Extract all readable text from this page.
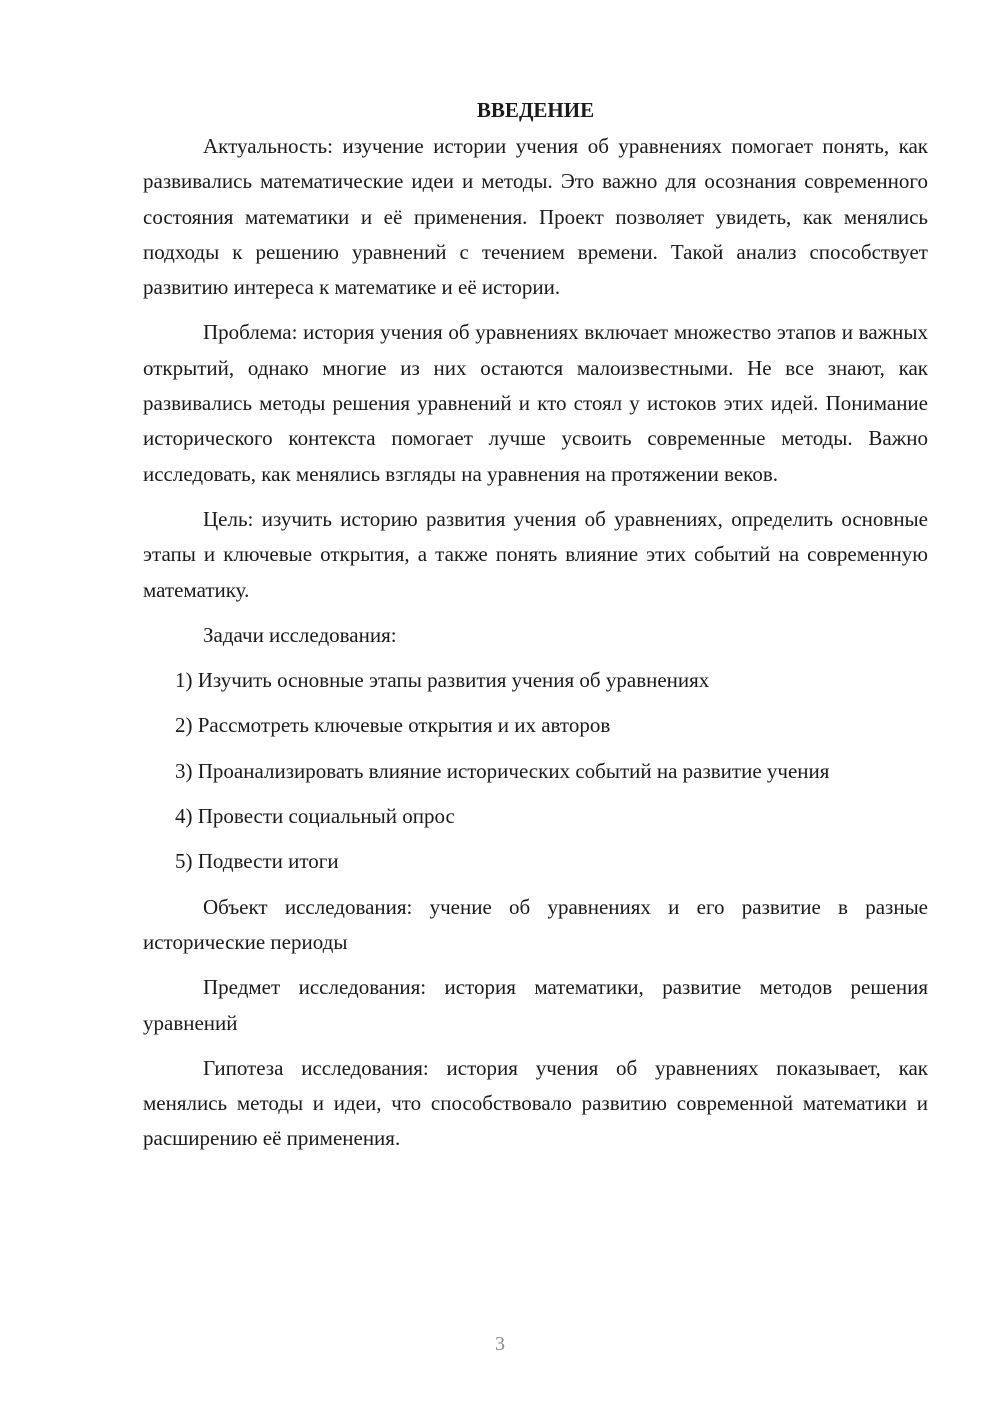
ВВЕДЕНИЕ

Актуальность: изучение истории учения об уравнениях помогает понять, как развивались математические идеи и методы. Это важно для осознания современного состояния математики и её применения. Проект позволяет увидеть, как менялись подходы к решению уравнений с течением времени. Такой анализ способствует развитию интереса к математике и её истории.

Проблема: история учения об уравнениях включает множество этапов и важных открытий, однако многие из них остаются малоизвестными. Не все знают, как развивались методы решения уравнений и кто стоял у истоков этих идей. Понимание исторического контекста помогает лучше усвоить современные методы. Важно исследовать, как менялись взгляды на уравнения на протяжении веков.

Цель: изучить историю развития учения об уравнениях, определить основные этапы и ключевые открытия, а также понять влияние этих событий на современную математику.

Задачи исследования:

1) Изучить основные этапы развития учения об уравнениях

2) Рассмотреть ключевые открытия и их авторов

3) Проанализировать влияние исторических событий на развитие учения

4) Провести социальный опрос

5) Подвести итоги

Объект исследования: учение об уравнениях и его развитие в разные исторические периоды

Предмет исследования: история математики, развитие методов решения уравнений

Гипотеза исследования: история учения об уравнениях показывает, как менялись методы и идеи, что способствовало развитию современной математики и расширению её применения.

3
